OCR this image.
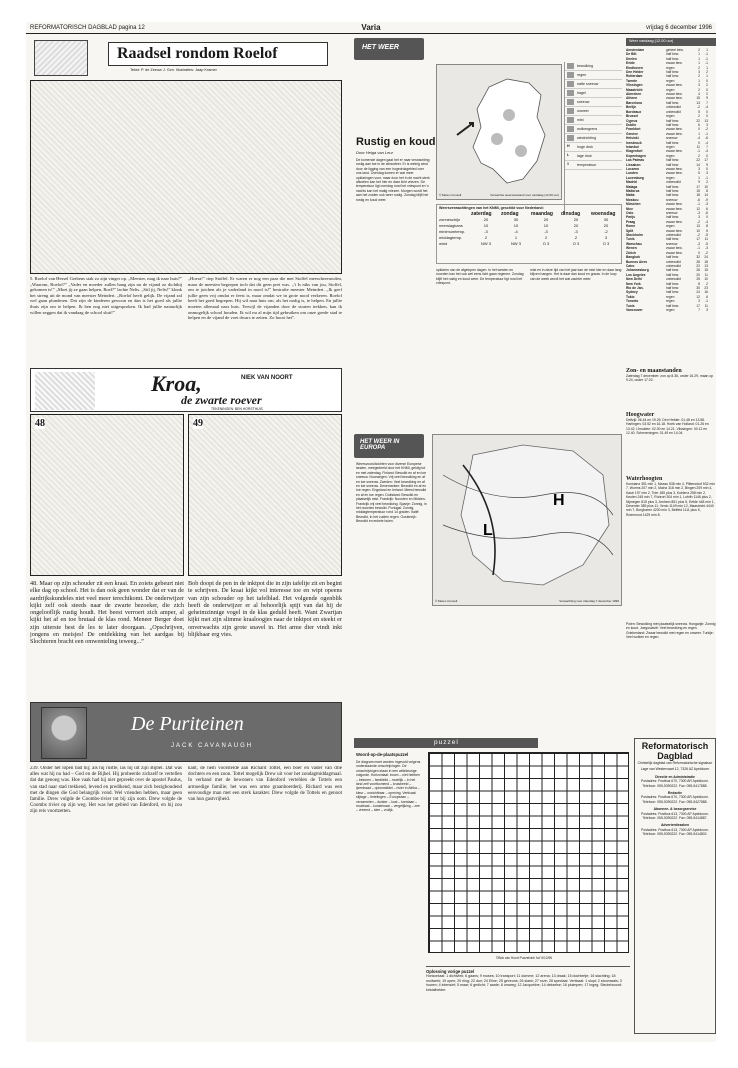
REFORMATORISCH DAGBLAD pagina 12	Varia	vrijdag 6 december 1996
Raadsel rondom Roelof
Tekst: P. de Zeeuw J. Gzn. Illustraties: Jaap Kramer
5. Roelof van Hessel Gerbens stak zo zijn vinger op. „Meester, mag ik naar huis?” „Waarom, Roelof?” „Vader en moeder zullen bang zijn nu de vijand zo dichtbij gekomen is!” „Moet jij ze gaan helpen, Roel?” lachte Nelis. „Stil jij, Nelis!” klonk het streng uit de mond van meester Meindert. „Roelof heeft gelijk. De vijand zal wel gaan plunderen. Dat zijn de kinderen gewoon en dan is het goed als jullie thuis zijn om te helpen. Ik ben nog niet uitgesproken. Ik had jullie natuurlijk willen zeggen dat ik vandaag de school sluit!”
„Hoera!” riep Stoffel. Er waren er nog een paar die met Stoffel meeschreeuwden, maar de meesten begrepen toch dat dit geen pret was. „'t Is niks van jou, Stoffel, om te juichen als je vaderland in nood is!” bestrafte meester Meindert. „Ik geef jullie geen vrij omdat er feest is, maar omdat we in grote nood verkeren. Roelof heeft het goed begrepen. Hij wil naar huis om, als het nodig is, te helpen. En jullie moeten allemaal naar huis. Terwijl de vijanden door de straten trekken, kan ik onmogelijk school houden. Ik wil nu al mijn tijd gebruiken om onze goede stad te helpen en de vijand de voet dwars te zetten. Zo hoort het”.
Kroa,	NIEK VAN NOORT
de zwarte roever
TEKENINGEN: BEN HORSTHUIS
48	49
48. Maar op zijn schouder zit een kraai. En zoiets gebeurt niet elke dag op school. Het is dan ook geen wonder dat er van de aardrijkskundeles niet veel meer terechtkomt. De onderwijzer kijkt zelf ook steeds naar de zwarte bezoeker, die zich ongelooflijk rustig houdt. Het beest verroert zich amper, al kijkt het af en toe brutaal de klas rond. Meneer Berger doet zijn uiterste best de les te later doorgaan. „Opschrijven, jongens en meisjes! De ontdekking van het aardgas bij Slochteren bracht een omwenteling teweeg...”
Bob doopt de pen in de inktpot die in zijn tafeltje zit en begint te schrijven. De kraai kijkt vol interesse toe en wipt opeens van zijn schouder op het tafelblad. Het volgende ogenblik heeft de onderwijzer er al behoorlijk spijt van dat hij de geheimzinnige vogel in de klas geduld heeft. Want Zwartjan kijkt met zijn slimme kraaloogjes naar de inktpot en steekt er onverwachts zijn grote snavel in. Het arme dier vindt inkt blijkbaar erg vies.
De Puriteinen
JACK CAVANAUGH
239. Onder het lopen bad hij; als hij rustte, las hij uit zijn Bijbel. Dat was alles wat hij nu had – God en de Bijbel. Hij probeerde zichzelf te vertellen dat dat genoeg was. Hoe vaak had hij niet gepreekt over de apostel Paulus, van stad naar stad trekkend, levend en predikend, maar zich bezighoudend met de dingen die God belangrijk vond. Wel vrienden hebben, maar geen familie. Drew volgde de Coombs-rivier tot bij zijn oom. Drew volgde de Coombs rivier op zijn weg. Het was het gebied van Edenford, en hij zou zijn reis voortzetten.
kant, de hem voorstelde aan Richard Tottel, een boer en vader van drie dochters en een zoon. Tottel mogelijk Drew uit voor het zondagmiddagmaal. In verband met de bewoners van Edenford vertelden de Tottels een armoedige familie; het was een arme graanboerderij. Richard was een eenvoudige man met een sterk karakter. Drew volgde de Tottels en genoot van hun gastvrijheid.
HET WEER
Rustig en koud
Door Helga van Leur
De komende dagen gaat het er naar verwachting rustig aan toe in de atmosfeer. Er is weinig wind door de ligging van een hogedrukgebied over ons land. Overdag komen er wat meer opklaringen voor, maar door het in de nacht sterk afkoelen kan het hier en daar licht vriezen. De temperatuur ligt overdag rond het vriespunt en 's nachts kan het matig vriezen. Morgen wordt het aan het zuiden ook weer rustig. Zondag blijft het rustig en koud weer.
© Meteo Consult	Verwachte weerstoestand voor vandaag (12.00 uur)
bewolking
regen
natte sneeuw
hagel
sneeuw
onweer
mist
wolkengrens
windrichting
H	hoge druk
L	lage druk
5	temperatuur
Weersverwachtingen van het KNMI, geschikt voor Nederland:
zaterdag	zondag	maandag	dinsdag	woensdag
zonneschijn	20	30	20	20	30
neerslagkans	10	10	10	20	20
minimumtemp.	-3	-4	-3	-3	-2
middagtemp.	2	1	2	2	3
wind	NW 3	NW 3	O 3	O 3	O 3
opklaren van de afgelopen dagen. In het westen en noorden kan het ook wel eens licht gaan regenen. Zondag blijft het rustig en koud weer. De temperatuur ligt rond het vriespunt.
mist en in deze tijd van het jaar kan de mist hier en daar lang blijven hangen. Het is daar dan koud en grauw. In de loop van de week wordt het wat zachter weer.
Weer vandaag (12.00 uur)
Amsterdam	geheel bew.	2	1
De Bilt	half bew.	1	-1
Deelen	half bew.	1	-1
Eelde	zwaar bew.	1	-1
Eindhoven	regen	2	1
Den Helder	half bew.	3	2
Rotterdam	half bew.	2	1
Twente	regen	1	0
Vlissingen	zwaar bew.	3	2
Maastricht	regen	2	0
Aberdeen	zwaar bew.	4	2
Athene	zwaar bew.	15	9
Barcelona	half bew.	13	7
Berlijn	onbewolkt	-2	-4
Bordeaux	onbewolkt	5	0
Brussel	regen	2	0
Cyprus	half bew.	22	13
Dublin	half bew.	6	3
Frankfurt	zwaar bew.	0	-2
Genève	zwaar bew.	1	-1
Helsinki	sneeuw	-4	-6
Innsbruck	half bew.	0	-4
Istanbul	regen	11	7
Klagenfurt	zwaar bew.	-1	-4
Kopenhagen	regen	2	0
Las Palmas	half bew.	22	17
Lissabon	half bew.	14	9
Locarno	zwaar bew.	3	0
Londen	zwaar bew.	5	3
Luxemburg	regen	1	-1
Madrid	onbewolkt	9	2
Malaga	half bew.	17	10
Mallorca	half bew.	15	8
Malta	half bew.	18	14
Moskou	sneeuw	-6	-9
München	zwaar bew.	-1	-3
Nice	zwaar bew.	12	6
Oslo	sneeuw	-3	-6
Parijs	half bew.	3	0
Praag	zwaar bew.	-2	-4
Rome	regen	13	8
Split	zwaar bew.	10	5
Stockholm	onbewolkt	-2	-5
Tunis	half bew.	17	11
Warschau	sneeuw	-3	-5
Wenen	zwaar bew.	-1	-3
Zürich	zwaar bew.	0	-2
Bangkok	half bew.	32	24
Buenos Aires	onbewolkt	28	18
Cairo	onbewolkt	22	13
Johannesburg	half bew.	26	15
Los Angeles	half bew.	20	11
New Delhi	onbewolkt	25	10
New York	half bew.	8	2
Rio de Jan.	half bew.	30	23
Sydney	half bew.	24	16
Tokio	regen	12	6
Toronto	regen	3	-1
Tunis	half bew.	17	11
Vancouver	regen	7	3
Zon- en maanstanden
Zaterdag 7 december: zon op 8.36, onder 16.29, maan op 9.24, onder 17.02.
Hoogwater
Delfzijl: 06.44 en 19.26. Den Helder: 01.48 en 13.58. Harlingen: 03.52 en 16.18. Hoek van Holland: 01.26 en 13.42. IJmuiden: 02.00 en 14.21. Vlissingen: 00.12 en 12.40. Scheveningen: 01.49 en 14.04.
Waterhoogten
Konstanz 351 min 1, Maxau 538 min 4, Plittersdorf 532 min 7, Worms 207 min 2, Mainz 318 min 2, Bingen 209 min 4, Kaub 197 min 2, Trier 185 plus 3, Koblenz 258 min 2, Keulen 245 min 7, Ruhrort 304 min 1, Lobith 1146 plus 2, Nijmegen 815 plus 3, Arnhem 851 plus 5, Eefde 448 min 1, Deventer 389 plus 11, Venlo 1149 min 12, Maastricht 4440 min 7, Borgharen 4200 min 3, Belfeld 1111 plus 5, Roermond 1429 min 8.
HET WEER IN EUROPA
Weersvooruitzichten voor diverse Europese landen, meegedeeld door het KNMI, geldig tot en met zaterdag. Finland: Bewolkt en af en toe sneeuw. Noorwegen: Vrij veel bewolking en af en toe sneeuw. Zweden: Veel bewolking en af en toe sneeuw. Denemarken: Bewolkt en af en toe regen. Engeland en Ierland: Meest bewolkt en af en toe regen. Duitsland: Bewolkt en plaatselijk mist. Frankrijk: Noorden en Midden-Frankrijk vrij veel bewolking. Spanje: Zonnig, in het noorden bewolkt. Portugal: Zonnig, middagtemperatuur rond 14 graden. Italië: Bewolkt, in het zuiden regen. Oostenrijk: Bewolkt en enkele buien.
L
H
© Meteo Consult	Verwachting voor zaterdag 7 december 1996
Polen: Bewolking met plaatselijk sneeuw. Hongarije: Zonnig en koud. Joegoslavië: Veel bewolking en regen. Griekenland: Zwaar bewolkt met regen en onweer. Turkije: Veel wolken en regen.
puzzel
Woord-op-de-plaatspuzzel
De diagram moet worden ingevuld volgens onderstaande omschrijvingen. De omschrijvingen staan in een willekeurige volgorde. Horizontaal: boom – niet hebben – bekoren – familielid – moeilijk – in het land zelf voortkomend – kruisbeeld – ijzerdraad – oplosmiddel – rivier in Afrika – kleur – onzichtbaar – opening. Verticaal: slijtage – tintelingen – Europeaan – verzamelen – duister – kust – toestaan – muzikaal – kunstenaar – vergelijking – zee – vreemd – slee – vrolijk.
©Bob van Hoort Puzzelvink 'tot' 6/12/96
Oplossing vorige puzzel
Horizontaal: 1 dichtvlek; 6 gaans; 9 muses; 10 transport; 11 domme; 12 arena; 13 draak; 15 dochtertje; 16 slachting; 18 muilwerk; 19 open; 20 riing; 22 dun; 24 Eline; 25 geveuns; 26 slank; 27 roze; 28 spectaat. Verticaal: 1 slopt; 2 stoomwals; 3 huwen; 4 intensief; 5 maar; 6 gedicht; 7 aarde; 8 omweg; 12 Jacqueline; 14 dekselse; 16 pluimpen; 17 ingeg. Sleutelwoord: kristalhelder.
Reformatorisch Dagblad
Christelijk dagblad van Reformatorische signatuur
Lage van Westervaart 12, 7326 AZ Apeldoorn
Directie en Administratie
Postadres: Postbus 670, 7300 AR Apeldoorn. Telefoon: 055-5390222. Fax: 055-5417888.
Redactie
Postadres: Postbus 670, 7300 AR Apeldoorn. Telefoon: 055-5390222. Fax: 055-5427888.
Abonnee- & bezorgservice
Postadres: Postbus 613, 7300 AP Apeldoorn. Telefoon: 055-5390222. Fax: 055-5414887.
Advertentiezaken
Postadres: Postbus 613, 7300 AP Apeldoorn. Telefoon: 055-5390222. Fax: 055-5414802.
